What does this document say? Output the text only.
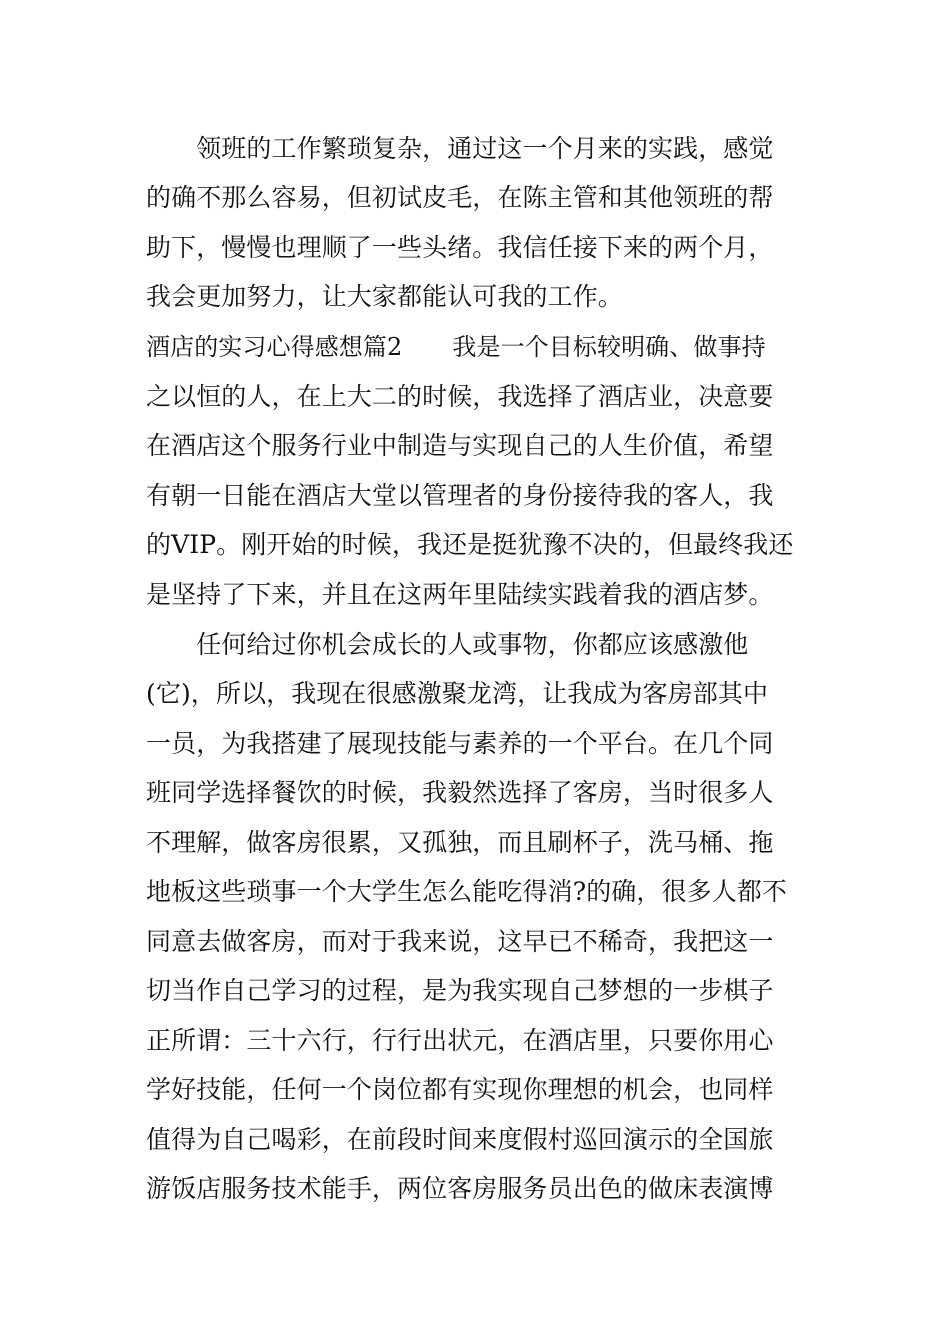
　　领班的工作繁琐复杂，通过这一个月来的实践，感觉
的确不那么容易，但初试皮毛，在陈主管和其他领班的帮
助下，慢慢也理顺了一些头绪。我信任接下来的两个月，
我会更加努力，让大家都能认可我的工作。
酒店的实习心得感想篇2 我是一个目标较明确、做事持
之以恒的人，在上大二的时候，我选择了酒店业，决意要
在酒店这个服务行业中制造与实现自己的人生价值，希望
有朝一日能在酒店大堂以管理者的身份接待我的客人，我
的VIP。刚开始的时候，我还是挺犹豫不决的，但最终我还
是坚持了下来，并且在这两年里陆续实践着我的酒店梦。
　　任何给过你机会成长的人或事物，你都应该感激他
(它)，所以，我现在很感激聚龙湾，让我成为客房部其中
一员，为我搭建了展现技能与素养的一个平台。在几个同
班同学选择餐饮的时候，我毅然选择了客房，当时很多人
不理解，做客房很累，又孤独，而且刷杯子，洗马桶、拖
地板这些琐事一个大学生怎么能吃得消?的确，很多人都不
同意去做客房，而对于我来说，这早已不稀奇，我把这一
切当作自己学习的过程，是为我实现自己梦想的一步棋子
正所谓：三十六行，行行出状元，在酒店里，只要你用心
学好技能，任何一个岗位都有实现你理想的机会，也同样
值得为自己喝彩，在前段时间来度假村巡回演示的全国旅
游饭店服务技术能手，两位客房服务员出色的做床表演博
